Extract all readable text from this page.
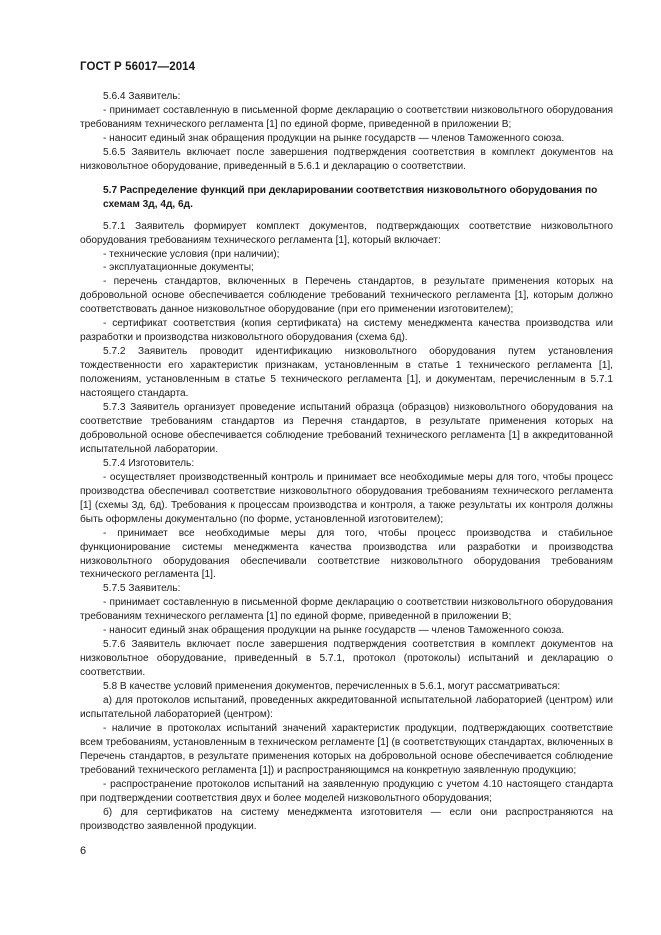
ГОСТ Р 56017—2014

5.6.4 Заявитель:

- принимает составленную в письменной форме декларацию о соответствии низковольтного оборудования требованиям технического регламента [1] по единой форме, приведенной в приложении В;

- наносит единый знак обращения продукции на рынке государств — членов Таможенного союза.

5.6.5 Заявитель включает после завершения подтверждения соответствия в комплект документов на низковольтное оборудование, приведенный в 5.6.1 и декларацию о соответствии.

5.7 Распределение функций при декларировании соответствия низковольтного оборудования по схемам 3д, 4д, 6д.

5.7.1 Заявитель формирует комплект документов, подтверждающих соответствие низковольтного оборудования требованиям технического регламента [1], который включает:

- технические условия (при наличии);

- эксплуатационные документы;

- перечень стандартов, включенных в Перечень стандартов, в результате применения которых на добровольной основе обеспечивается соблюдение требований технического регламента [1], которым должно соответствовать данное низковольтное оборудование (при его применении изготовителем);

- сертификат соответствия (копия сертификата) на систему менеджмента качества производства или разработки и производства низковольтного оборудования (схема 6д).

5.7.2 Заявитель проводит идентификацию низковольтного оборудования путем установления тождественности его характеристик признакам, установленным в статье 1 технического регламента [1], положениям, установленным в статье 5 технического регламента [1], и документам, перечисленным в 5.7.1 настоящего стандарта.

5.7.3 Заявитель организует проведение испытаний образца (образцов) низковольтного оборудования на соответствие требованиям стандартов из Перечня стандартов, в результате применения которых на добровольной основе обеспечивается соблюдение требований технического регламента [1] в аккредитованной испытательной лаборатории.

5.7.4 Изготовитель:

- осуществляет производственный контроль и принимает все необходимые меры для того, чтобы процесс производства обеспечивал соответствие низковольтного оборудования требованиям технического регламента [1] (схемы 3д, 6д). Требования к процессам производства и контроля, а также результаты их контроля должны быть оформлены документально (по форме, установленной изготовителем);

- принимает все необходимые меры для того, чтобы процесс производства и стабильное функционирование системы менеджмента качества производства или разработки и производства низковольтного оборудования обеспечивали соответствие низковольтного оборудования требованиям технического регламента [1].

5.7.5 Заявитель:

- принимает составленную в письменной форме декларацию о соответствии низковольтного оборудования требованиям технического регламента [1] по единой форме, приведенной в приложении В;

- наносит единый знак обращения продукции на рынке государств — членов Таможенного союза.

5.7.6 Заявитель включает после завершения подтверждения соответствия в комплект документов на низковольтное оборудование, приведенный в 5.7.1, протокол (протоколы) испытаний и декларацию о соответствии.

5.8 В качестве условий применения документов, перечисленных в 5.6.1, могут рассматриваться:

а) для протоколов испытаний, проведенных аккредитованной испытательной лабораторией (центром) или испытательной лабораторией (центром):

- наличие в протоколах испытаний значений характеристик продукции, подтверждающих соответствие всем требованиям, установленным в техническом регламенте [1] (в соответствующих стандартах, включенных в Перечень стандартов, в результате применения которых на добровольной основе обеспечивается соблюдение требований технического регламента [1]) и распространяющимся на конкретную заявленную продукцию;

- распространение протоколов испытаний на заявленную продукцию с учетом 4.10 настоящего стандарта при подтверждении соответствия двух и более моделей низковольтного оборудования;

б) для сертификатов на систему менеджмента изготовителя — если они распространяются на производство заявленной продукции.

6
